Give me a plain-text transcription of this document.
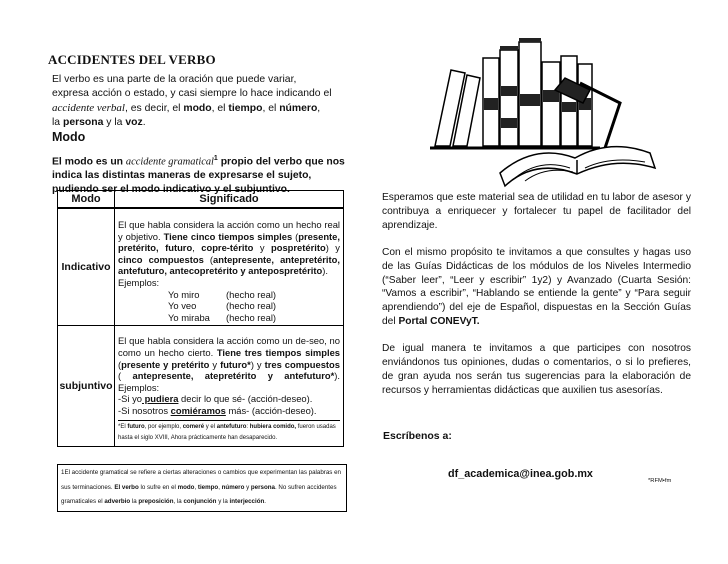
ACCIDENTES DEL VERBO
El verbo es una parte de la oración que puede variar,
expresa acción o estado, y casi siempre lo hace indicando el
accidente verbal, es decir, el modo, el tiempo, el número,
la persona y la voz.
Modo
El modo es un accidente gramatical$^1$ propio del verbo que nos indica las distintas maneras de expresarse el sujeto, pudiendo ser el modo indicativo y el subjuntivo.
Modo	Significado
Indicativo	El que habla considera la acción como un hecho real y objetivo. Tiene cinco tiempos simples (presente, pretérito, futuro, copre-térito y pospretérito) y cinco compuestos (antepresente, antepretérito, antefuturo, antecopretérito y antepospretérito).
Ejemplos:
Yo miro (hecho real)
Yo veo (hecho real)
Yo miraba (hecho real)

subjuntivo	El que habla considera la acción como un de-seo, no como un hecho cierto. Tiene tres tiempos simples (presente y pretérito y futuro*) y tres compuestos ( antepresente, atepretérito y antefuturo*). Ejemplos:
-Si yo pudiera decir lo que sé- (acción-deseo).
-Si nosotros comiéramos más- (acción-deseo).
*El futuro, por ejemplo, comeré y el antefuturo: hubiera comido, fueron usadas hasta el siglo XVIII, Ahora prácticamente han desaparecido.
1El accidente gramatical se refiere a ciertas alteraciones o cambios que experimentan las palabras en sus terminaciones. El verbo lo sufre en el modo, tiempo, número y persona. No sufren accidentes gramaticales el adverbio la preposición, la conjunción y la interjección.

Esperamos que este material sea de utilidad en tu labor de asesor y contribuya a enriquecer y fortalecer tu papel de facilitador del aprendizaje.

Con el mismo propósito te invitamos a que consultes y hagas uso de las Guías Didácticas de los módulos de los Niveles Intermedio (“Saber leer”, “Leer y escribir” 1y2) y Avanzado (Cuarta Sesión: “Vamos a escribir”, “Hablando se entiende la gente” y “Para seguir aprendiendo”) del eje de Español, dispuestas en la Sección Guías del Portal CONEVyT.

De igual manera te invitamos a que participes con nosotros enviándonos tus opiniones, dudas o comentarios, o si lo prefieres, de gran ayuda nos serán tus sugerencias para la elaboración de recursos y herramientas didácticas que auxilien tus asesorías.

Escríbenos a:
df_academica@inea.gob.mx
*RFM•fm
